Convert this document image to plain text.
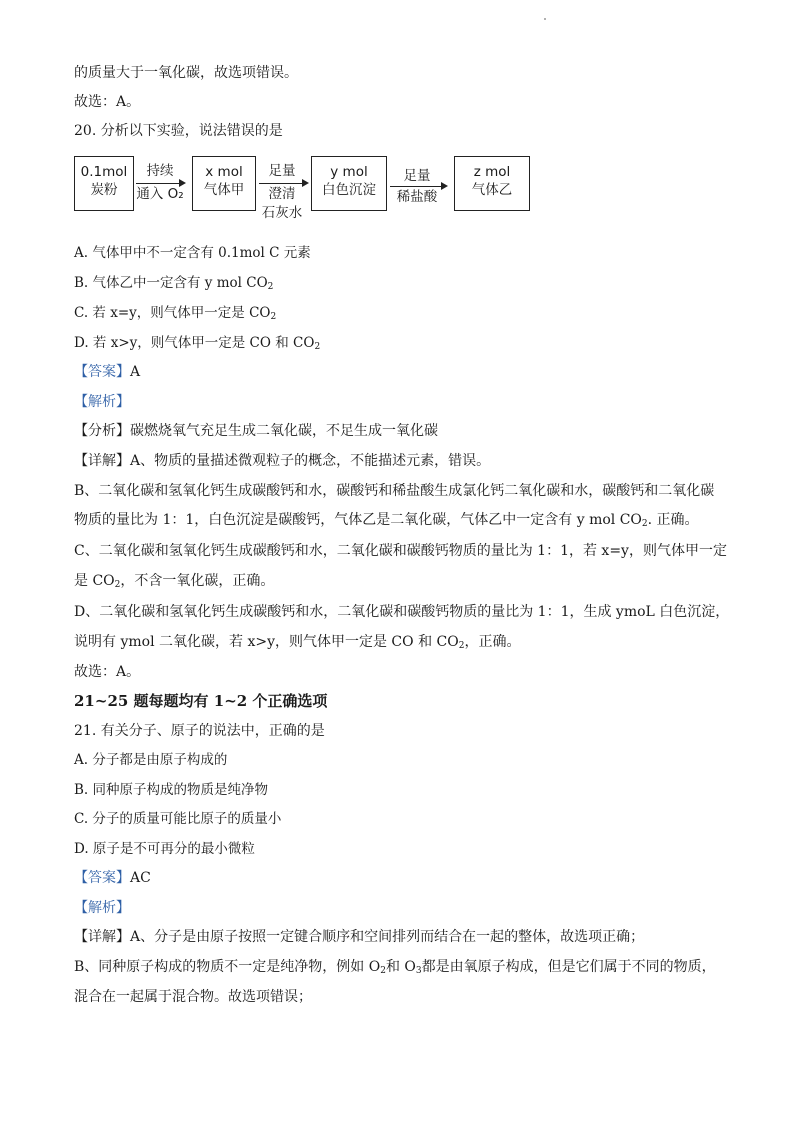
的质量大于一氧化碳，故选项错误。
故选：A。
20. 分析以下实验，说法错误的是
0.1mol
炭粉
持续
通入 O₂
x mol
气体甲
足量
澄清
石灰水
y mol
白色沉淀
足量
稀盐酸
z mol
气体乙
A. 气体甲中不一定含有 0.1mol C 元素
B. 气体乙中一定含有 y mol $CO_2$
C. 若 x=y，则气体甲一定是 $CO_2$
D. 若 x>y，则气体甲一定是 CO 和 $CO_2$
【答案】A
【解析】
【分析】碳燃烧氧气充足生成二氧化碳，不足生成一氧化碳
【详解】A、物质的量描述微观粒子的概念，不能描述元素，错误。
B、二氧化碳和氢氧化钙生成碳酸钙和水，碳酸钙和稀盐酸生成氯化钙二氧化碳和水，碳酸钙和二氧化碳
物质的量比为 1：1，白色沉淀是碳酸钙，气体乙是二氧化碳，气体乙中一定含有 y mol $CO_2$. 正确。
C、二氧化碳和氢氧化钙生成碳酸钙和水，二氧化碳和碳酸钙物质的量比为 1：1，若 x=y，则气体甲一定
是 $CO_2$，不含一氧化碳，正确。
D、二氧化碳和氢氧化钙生成碳酸钙和水，二氧化碳和碳酸钙物质的量比为 1：1，生成 ymoL 白色沉淀，
说明有 ymol 二氧化碳，若 x>y，则气体甲一定是 CO 和 $CO_2$，正确。
故选：A。
21~25 题每题均有 1~2 个正确选项
21. 有关分子、原子的说法中，正确的是
A. 分子都是由原子构成的
B. 同种原子构成的物质是纯净物
C. 分子的质量可能比原子的质量小
D. 原子是不可再分的最小微粒
【答案】AC
【解析】
【详解】A、分子是由原子按照一定键合顺序和空间排列而结合在一起的整体，故选项正确；
B、同种原子构成的物质不一定是纯净物，例如 $O_2$和 $O_3$都是由氧原子构成，但是它们属于不同的物质，
混合在一起属于混合物。故选项错误；
